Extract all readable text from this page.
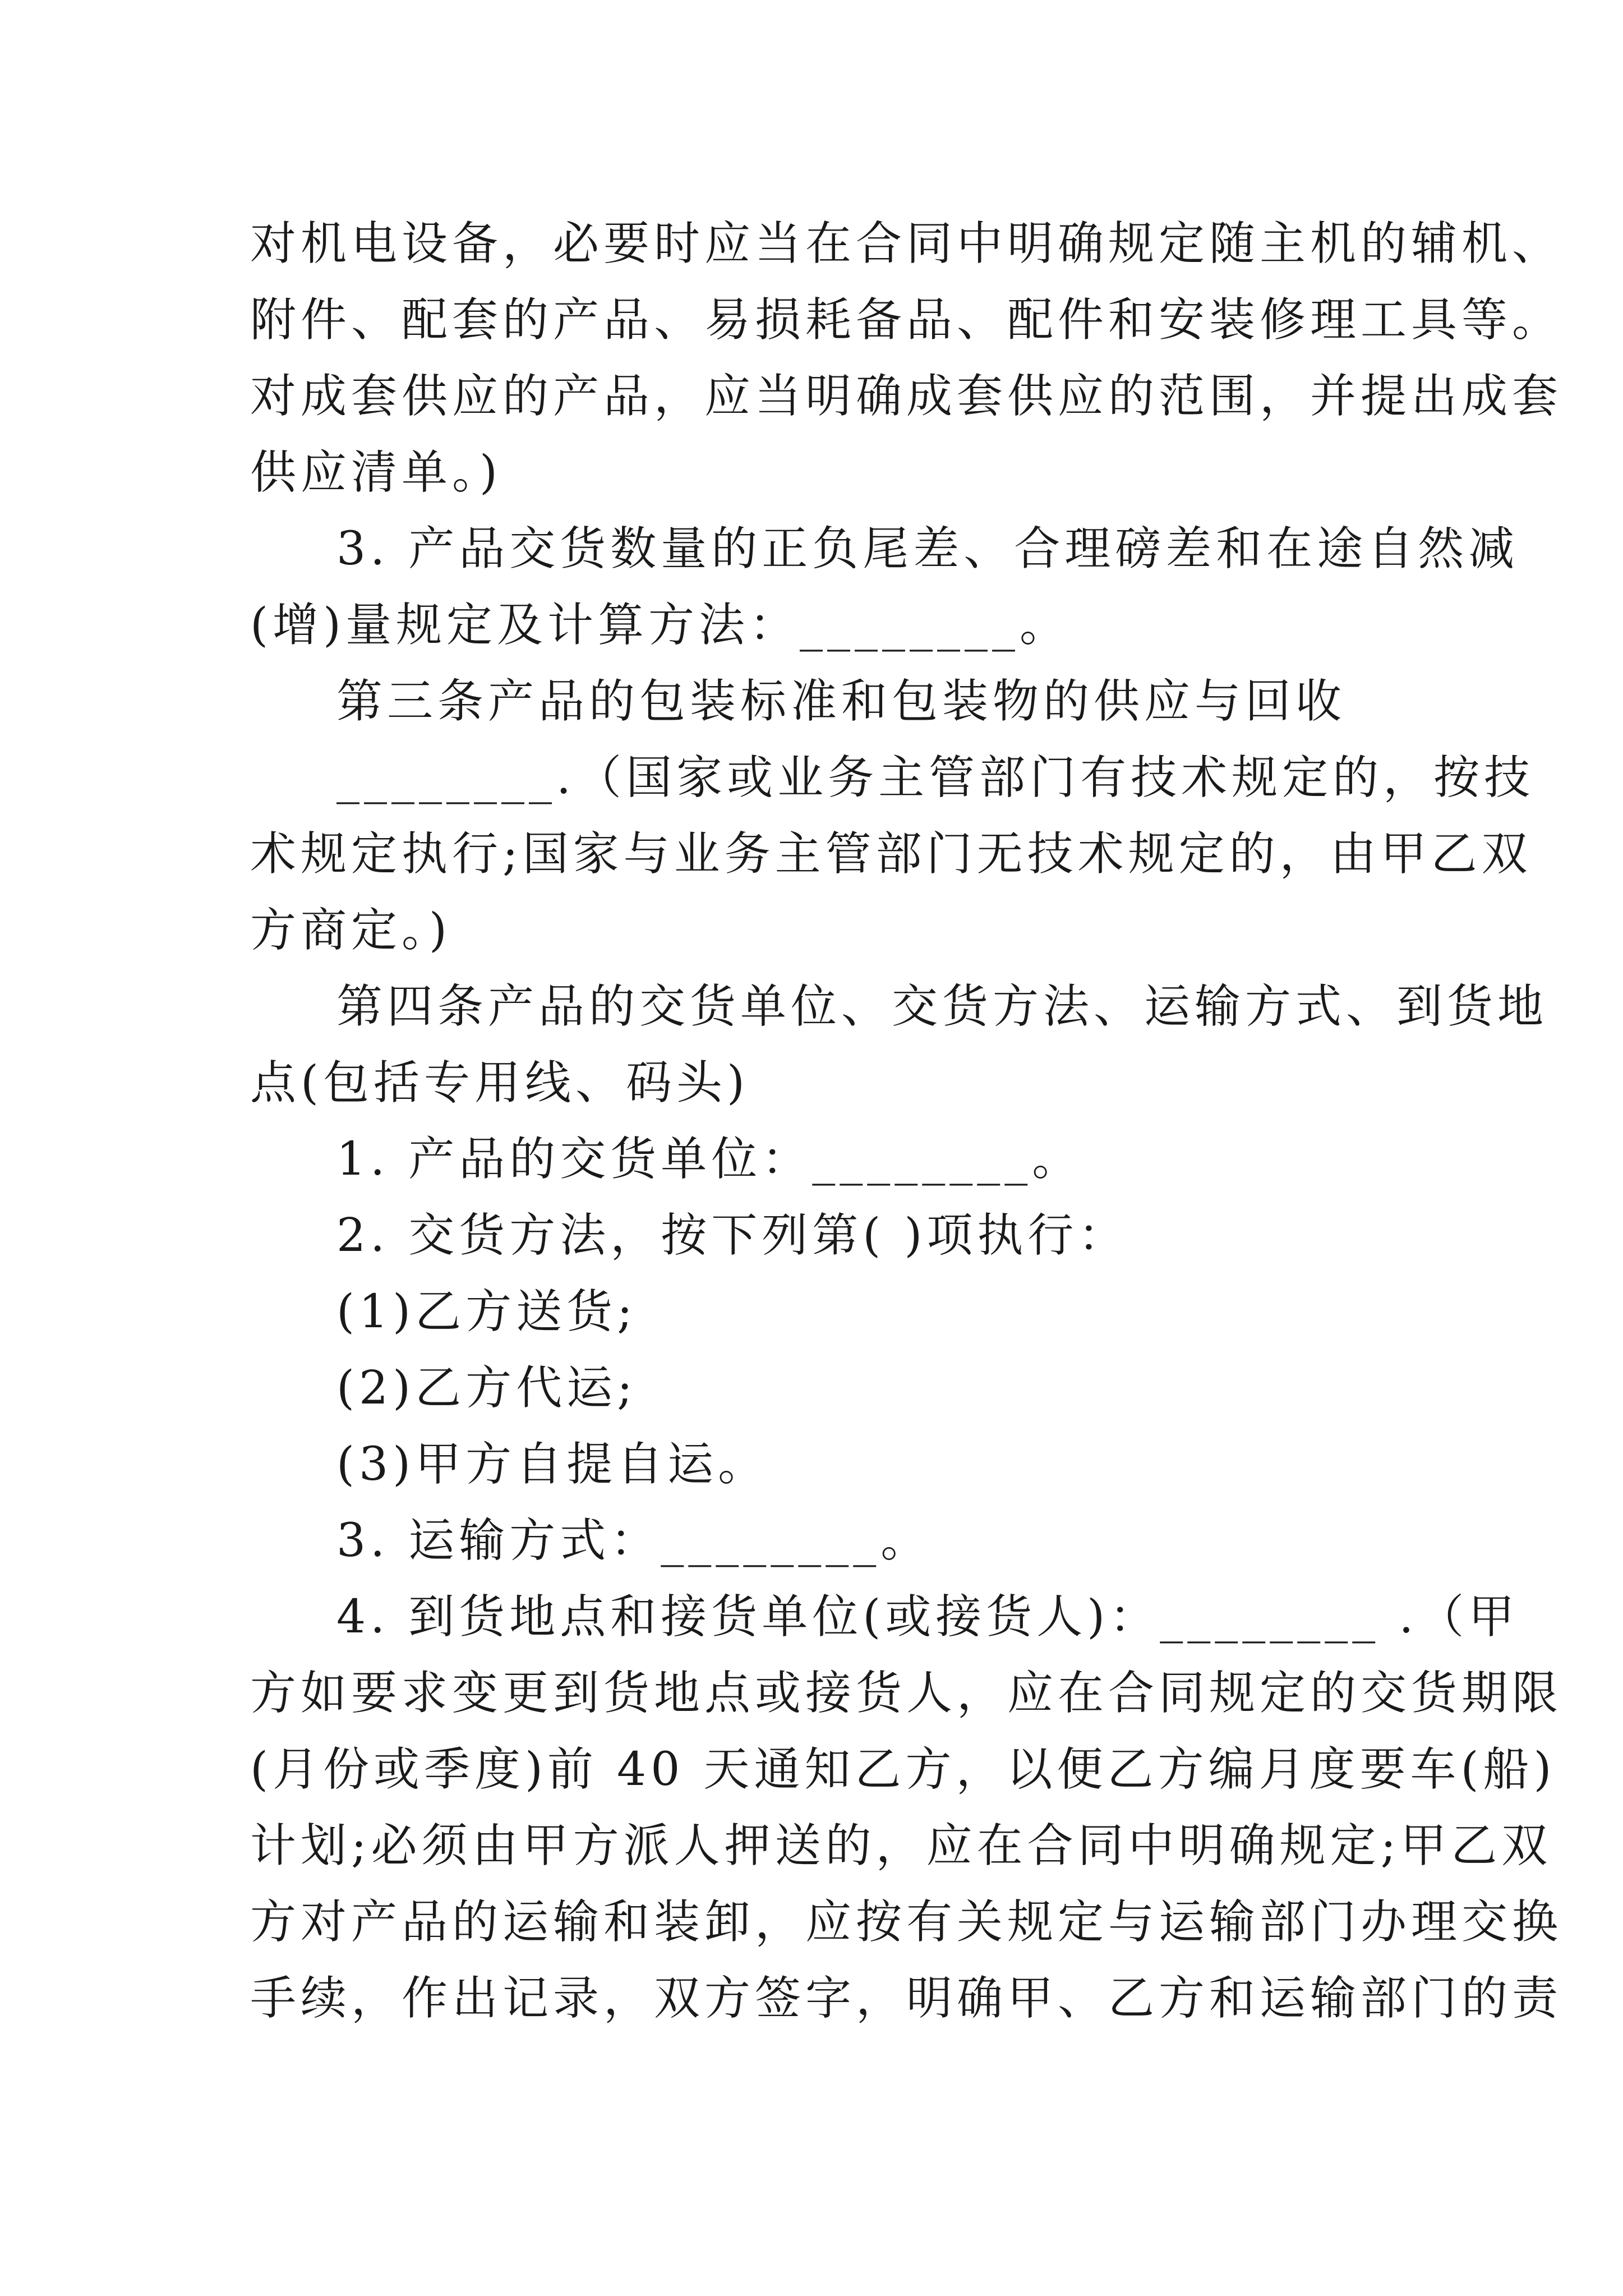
对机电设备，必要时应当在合同中明确规定随主机的辅机、
附件、配套的产品、易损耗备品、配件和安装修理工具等。
对成套供应的产品，应当明确成套供应的范围，并提出成套
供应清单。)
3. 产品交货数量的正负尾差、合理磅差和在途自然减
(增)量规定及计算方法：________。
第三条产品的包装标准和包装物的供应与回收
________.（国家或业务主管部门有技术规定的，按技
术规定执行;国家与业务主管部门无技术规定的，由甲乙双
方商定。)
第四条产品的交货单位、交货方法、运输方式、到货地
点(包括专用线、码头)
1. 产品的交货单位：________。
2. 交货方法，按下列第( )项执行：
(1)乙方送货;
(2)乙方代运;
(3)甲方自提自运。
3. 运输方式：________。
4. 到货地点和接货单位(或接货人)：________ .（甲
方如要求变更到货地点或接货人，应在合同规定的交货期限
(月份或季度)前 40 天通知乙方，以便乙方编月度要车(船)
计划;必须由甲方派人押送的，应在合同中明确规定;甲乙双
方对产品的运输和装卸，应按有关规定与运输部门办理交换
手续，作出记录，双方签字，明确甲、乙方和运输部门的责
